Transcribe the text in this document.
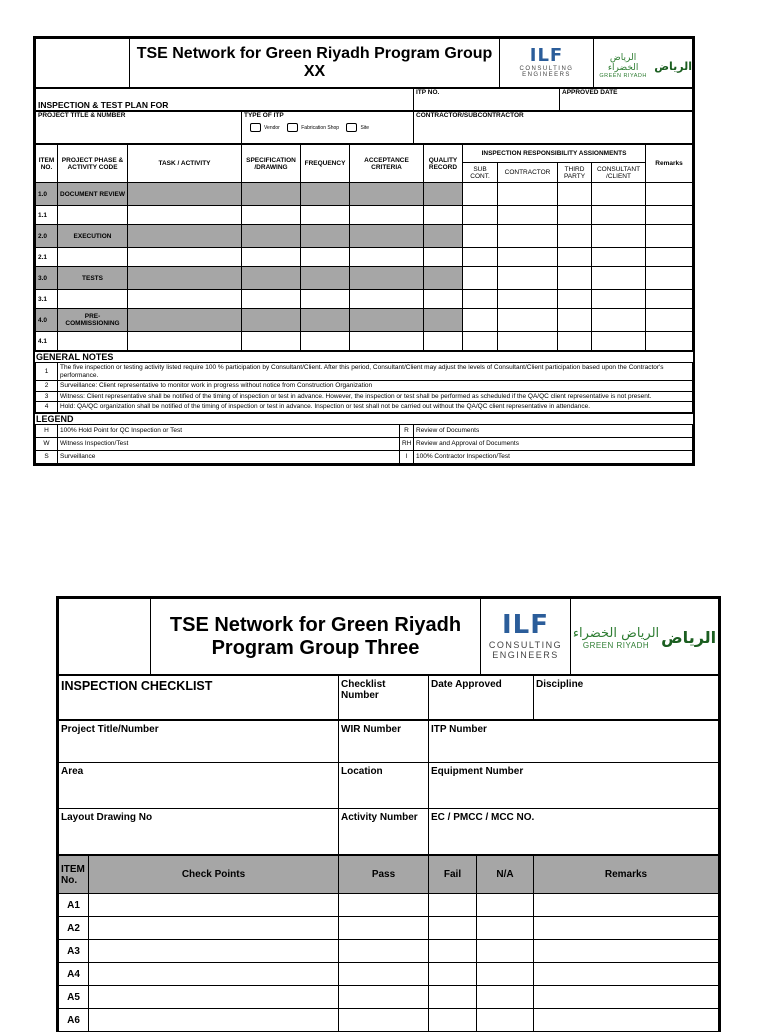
	TSE Network for Green Riyadh Program Group XX	
ILF
CONSULTING
ENGINEERS

الرياض الخضراء
GREEN RIYADH
الرياض
INSPECTION & TEST PLAN FOR	ITP NO.	APPROVED DATE
PROJECT TITLE & NUMBER	TYPE OF ITP
Vendor	Fabrication Shop	Site
	CONTRACTOR/SUBCONTRACTOR
ITEM NO.	PROJECT PHASE & ACTIVITY CODE	TASK / ACTIVITY	SPECIFICATION /DRAWING	FREQUENCY	ACCEPTANCE CRITERIA	QUALITY RECORD	INSPECTION RESPONSIBILITY ASSIONMENTS				Remarks
							SUB CONT.	CONTRACTOR	THIRD PARTY	CONSULTANT /CLIENT	
1.0	DOCUMENT REVIEW										
1.1											
2.0	EXECUTION										
2.1											
3.0	TESTS										
3.1											
4.0	PRE-COMMISSIONING										
4.1											
GENERAL NOTES
1	The five inspection or testing activity listed require 100 % participation by Consultant/Client. After this period, Consultant/Client may adjust the levels of Consultant/Client participation based upon the Contractor's performance.
2	Surveillance: Client representative to monitor work in progress without notice from Construction Organization
3	Witness: Client representative shall be notified of the timing of inspection or test in advance. However, the inspection or test shall be performed as scheduled if the QA/QC client representative is not present.
4	Hold: QA/QC organization shall be notified of the timing of inspection or test in advance. Inspection or test shall not be carried out without the QA/QC client representative in attendance.
LEGEND
H	100% Hold Point for QC Inspection or Test	R	Review of Documents
W	Witness Inspection/Test	RH	Review and Approval of Documents
S	Surveillance	I	100% Contractor Inspection/Test
	TSE Network for Green Riyadh Program Group Three	
ILF
CONSULTING
ENGINEERS

الرياض الخضراء
GREEN RIYADH الرياض
INSPECTION CHECKLIST	Checklist Number	Date Approved	Discipline
Project Title/Number	WIR Number	ITP Number
Area	Location	Equipment Number
Layout Drawing No	Activity Number	EC / PMCC / MCC NO.
ITEM No.	Check Points	Pass	Fail	N/A	Remarks
A1					
A2					
A3					
A4					
A5					
A6					
